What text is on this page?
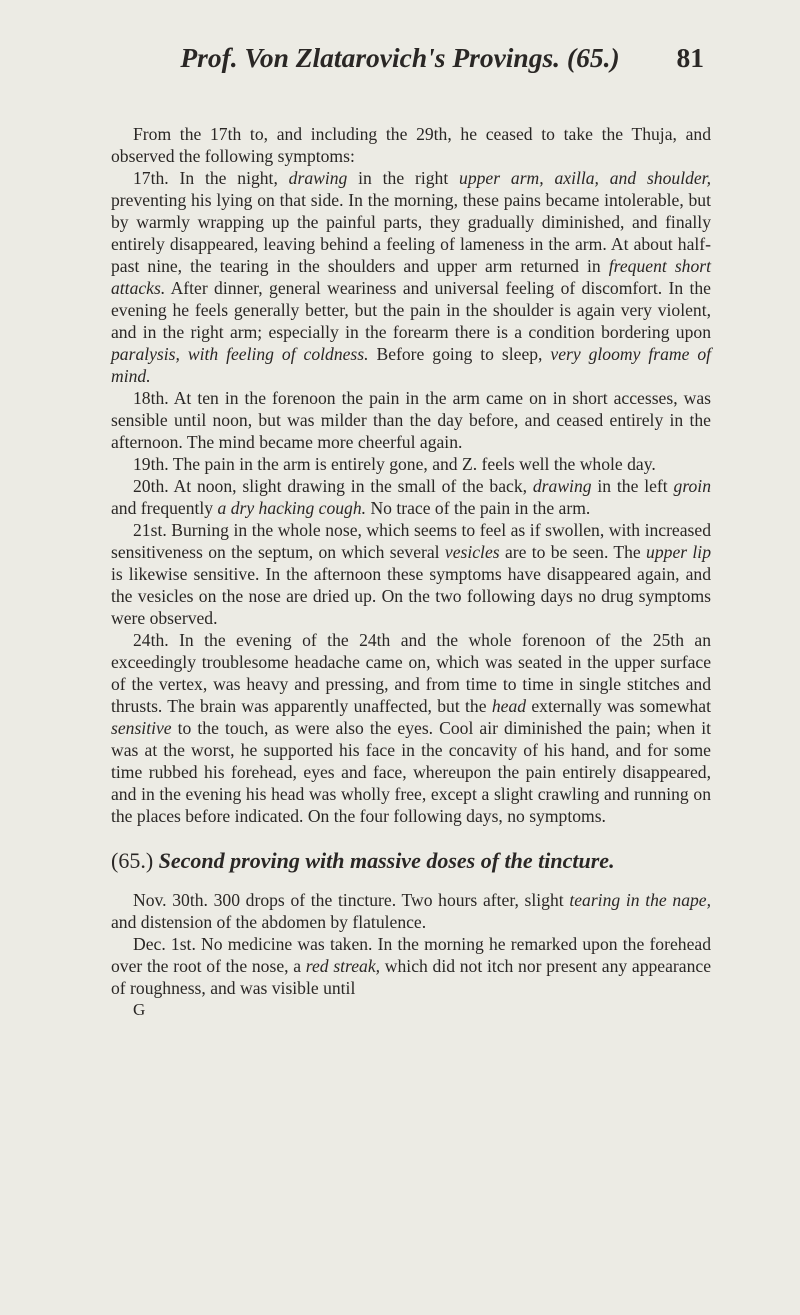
Prof. Von Zlatarovich's Provings. (65.)	81

From the 17th to, and including the 29th, he ceased to take the Thuja, and observed the following symptoms:

17th. In the night, drawing in the right upper arm, axilla, and shoulder, preventing his lying on that side. In the morning, these pains became intolerable, but by warmly wrapping up the painful parts, they gradually diminished, and finally entirely disappeared, leaving behind a feeling of lameness in the arm. At about half-past nine, the tearing in the shoulders and upper arm returned in frequent short attacks. After dinner, general weariness and universal feeling of discomfort. In the evening he feels generally better, but the pain in the shoulder is again very violent, and in the right arm; especially in the forearm there is a condition bordering upon paralysis, with feeling of coldness. Before going to sleep, very gloomy frame of mind.

18th. At ten in the forenoon the pain in the arm came on in short accesses, was sensible until noon, but was milder than the day before, and ceased entirely in the afternoon. The mind became more cheerful again.

19th. The pain in the arm is entirely gone, and Z. feels well the whole day.

20th. At noon, slight drawing in the small of the back, drawing in the left groin and frequently a dry hacking cough. No trace of the pain in the arm.

21st. Burning in the whole nose, which seems to feel as if swollen, with increased sensitiveness on the septum, on which several vesicles are to be seen. The upper lip is likewise sensitive. In the afternoon these symptoms have disappeared again, and the vesicles on the nose are dried up. On the two following days no drug symptoms were observed.

24th. In the evening of the 24th and the whole forenoon of the 25th an exceedingly troublesome headache came on, which was seated in the upper surface of the vertex, was heavy and pressing, and from time to time in single stitches and thrusts. The brain was apparently unaffected, but the head externally was somewhat sensitive to the touch, as were also the eyes. Cool air diminished the pain; when it was at the worst, he supported his face in the concavity of his hand, and for some time rubbed his forehead, eyes and face, whereupon the pain entirely disappeared, and in the evening his head was wholly free, except a slight crawling and running on the places before indicated. On the four following days, no symptoms.

(65.) Second proving with massive doses of the tincture.

Nov. 30th. 300 drops of the tincture. Two hours after, slight tearing in the nape, and distension of the abdomen by flatulence.

Dec. 1st. No medicine was taken. In the morning he remarked upon the forehead over the root of the nose, a red streak, which did not itch nor present any appearance of roughness, and was visible until

G
